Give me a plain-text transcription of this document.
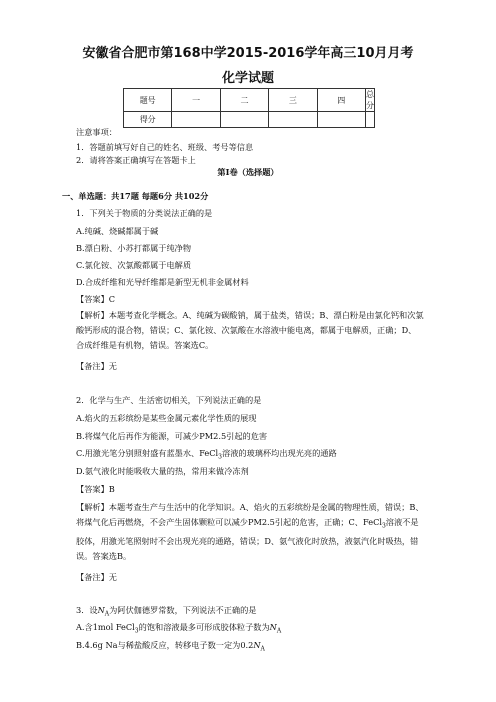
安徽省合肥市第168中学2015-2016学年高三10月月考
化学试题
题号	一	二	三	四	总分
得分					
注意事项：
1．答题前填写好自己的姓名、班级、考号等信息
2．请将答案正确填写在答题卡上
第I卷（选择题）
一、单选题：共17题 每题6分 共102分
1．下列关于物质的分类说法正确的是
A.纯碱、烧碱都属于碱
B.漂白粉、小苏打都属于纯净物
C.氯化铵、次氯酸都属于电解质
D.合成纤维和光导纤维都是新型无机非金属材料
【答案】C
【解析】本题考查化学概念。A、纯碱为碳酸钠，属于盐类，错误；B、漂白粉是由氯化钙和次氯酸钙形成的混合物，错误；C、氯化铵、次氯酸在水溶液中能电离，都属于电解质，正确；D、合成纤维是有机物，错误。答案选C。
【备注】无
2．化学与生产、生活密切相关，下列说法正确的是
A.焰火的五彩缤纷是某些金属元素化学性质的展现
B.将煤气化后再作为能源，可减少PM2.5引起的危害
C.用激光笔分别照射盛有蓝墨水、FeCl$_3$溶液的玻璃杯均出现光亮的通路
D.氨气液化时能吸收大量的热，常用来做冷冻剂
【答案】B
【解析】本题考查生产与生活中的化学知识。A、焰火的五彩缤纷是金属的物理性质，错误；B、将煤气化后再燃烧，不会产生固体颗粒可以减少PM2.5引起的危害，正确；C、FeCl$_3$溶液不是胶体，用激光笔照射时不会出现光亮的通路，错误；D、氨气液化时放热，液氨汽化时吸热，错误。答案选B。
【备注】无
3．设$N_A$为阿伏伽德罗常数，下列说法不正确的是
A.含1mol FeCl$_3$的饱和溶液最多可形成胶体粒子数为$N_A$
B.4.6g Na与稀盐酸反应，转移电子数一定为$0.2N_A$
